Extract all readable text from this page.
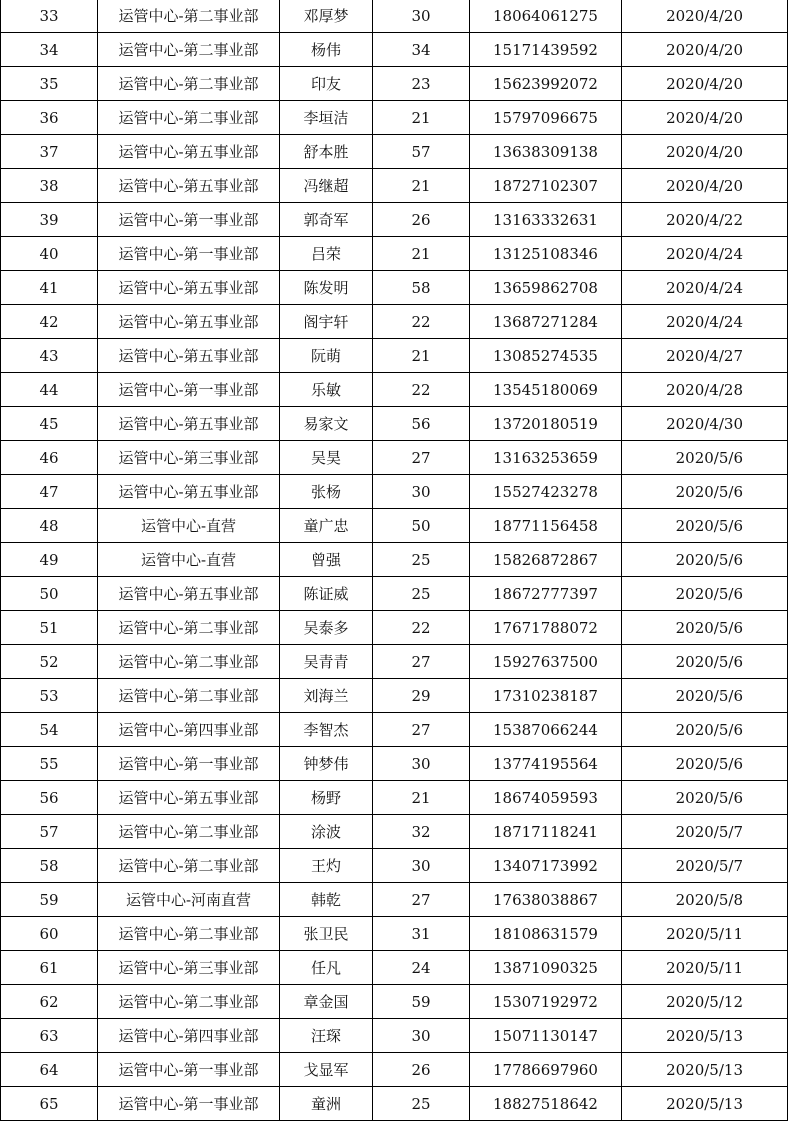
33	运管中心-第二事业部	邓厚梦	30	18064061275	2020/4/20
34	运管中心-第二事业部	杨伟	34	15171439592	2020/4/20
35	运管中心-第二事业部	印友	23	15623992072	2020/4/20
36	运管中心-第二事业部	李垣洁	21	15797096675	2020/4/20
37	运管中心-第五事业部	舒本胜	57	13638309138	2020/4/20
38	运管中心-第五事业部	冯继超	21	18727102307	2020/4/20
39	运管中心-第一事业部	郭奇军	26	13163332631	2020/4/22
40	运管中心-第一事业部	吕荣	21	13125108346	2020/4/24
41	运管中心-第五事业部	陈发明	58	13659862708	2020/4/24
42	运管中心-第五事业部	阁宇轩	22	13687271284	2020/4/24
43	运管中心-第五事业部	阮萌	21	13085274535	2020/4/27
44	运管中心-第一事业部	乐敏	22	13545180069	2020/4/28
45	运管中心-第五事业部	易家文	56	13720180519	2020/4/30
46	运管中心-第三事业部	吴昊	27	13163253659	2020/5/6
47	运管中心-第五事业部	张杨	30	15527423278	2020/5/6
48	运管中心-直营	童广忠	50	18771156458	2020/5/6
49	运管中心-直营	曾强	25	15826872867	2020/5/6
50	运管中心-第五事业部	陈证威	25	18672777397	2020/5/6
51	运管中心-第二事业部	吴泰多	22	17671788072	2020/5/6
52	运管中心-第二事业部	吴青青	27	15927637500	2020/5/6
53	运管中心-第二事业部	刘海兰	29	17310238187	2020/5/6
54	运管中心-第四事业部	李智杰	27	15387066244	2020/5/6
55	运管中心-第一事业部	钟梦伟	30	13774195564	2020/5/6
56	运管中心-第五事业部	杨野	21	18674059593	2020/5/6
57	运管中心-第二事业部	涂波	32	18717118241	2020/5/7
58	运管中心-第二事业部	王灼	30	13407173992	2020/5/7
59	运管中心-河南直营	韩乾	27	17638038867	2020/5/8
60	运管中心-第二事业部	张卫民	31	18108631579	2020/5/11
61	运管中心-第三事业部	任凡	24	13871090325	2020/5/11
62	运管中心-第二事业部	章金国	59	15307192972	2020/5/12
63	运管中心-第四事业部	汪琛	30	15071130147	2020/5/13
64	运管中心-第一事业部	戈显军	26	17786697960	2020/5/13
65	运管中心-第一事业部	童洲	25	18827518642	2020/5/13
